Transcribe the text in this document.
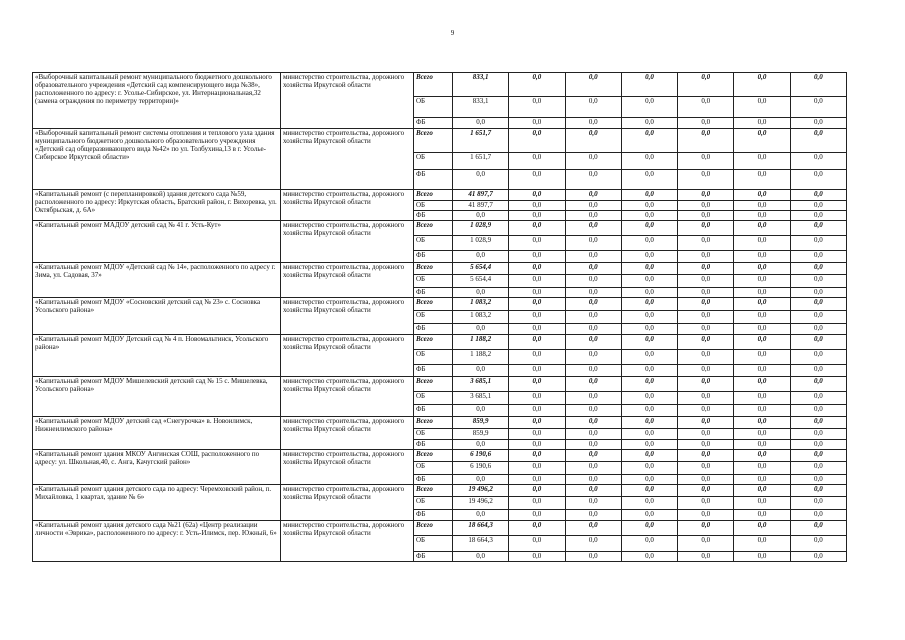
9
«Выборочный капитальный ремонт муниципального бюджетного дошкольного образовательного учреждения «Детский сад компенсирующего вида №38», расположенного по адресу: г. Усолье-Сибирское, ул. Интернациональная,32 (замена ограждения по периметру территории)»	министерство строительства, дорожного хозяйства Иркутской области	Всего	833,1	0,0	0,0	0,0	0,0	0,0	0,0
		ОБ	833,1	0,0	0,0	0,0	0,0	0,0	0,0
		ФБ	0,0	0,0	0,0	0,0	0,0	0,0	0,0
«Выборочный капитальный ремонт системы отопления и теплового узла здания муниципального бюджетного дошкольного образовательного учреждения «Детский сад общеразвивающего вида №42» по ул. Толбухина,13 в г. Усолье-Сибирское Иркутской области»	министерство строительства, дорожного хозяйства Иркутской области	Всего	1 651,7	0,0	0,0	0,0	0,0	0,0	0,0
		ОБ	1 651,7	0,0	0,0	0,0	0,0	0,0	0,0
		ФБ	0,0	0,0	0,0	0,0	0,0	0,0	0,0
«Капитальный ремонт (с перепланировкой) здания детского сада №59, расположенного по адресу: Иркутская область, Братский район, г. Вихоревка, ул. Октябрьская, д. 6А»	министерство строительства, дорожного хозяйства Иркутской области	Всего	41 897,7	0,0	0,0	0,0	0,0	0,0	0,0
		ОБ	41 897,7	0,0	0,0	0,0	0,0	0,0	0,0
		ФБ	0,0	0,0	0,0	0,0	0,0	0,0	0,0
«Капитальный ремонт МАДОУ детский сад № 41 г. Усть-Кут»	министерство строительства, дорожного хозяйства Иркутской области	Всего	1 028,9	0,0	0,0	0,0	0,0	0,0	0,0
		ОБ	1 028,9	0,0	0,0	0,0	0,0	0,0	0,0
		ФБ	0,0	0,0	0,0	0,0	0,0	0,0	0,0
«Капитальный ремонт МДОУ «Детский сад № 14», расположенного по адресу г. Зима, ул. Садовая, 37»	министерство строительства, дорожного хозяйства Иркутской области	Всего	5 654,4	0,0	0,0	0,0	0,0	0,0	0,0
		ОБ	5 654,4	0,0	0,0	0,0	0,0	0,0	0,0
		ФБ	0,0	0,0	0,0	0,0	0,0	0,0	0,0
«Капитальный ремонт МДОУ «Сосновский детский сад № 23» с. Сосновка Усольского района»	министерство строительства, дорожного хозяйства Иркутской области	Всего	1 083,2	0,0	0,0	0,0	0,0	0,0	0,0
		ОБ	1 083,2	0,0	0,0	0,0	0,0	0,0	0,0
		ФБ	0,0	0,0	0,0	0,0	0,0	0,0	0,0
«Капитальный ремонт МДОУ Детский сад № 4 п. Новомальтинск, Усольского района»	министерство строительства, дорожного хозяйства Иркутской области	Всего	1 188,2	0,0	0,0	0,0	0,0	0,0	0,0
		ОБ	1 188,2	0,0	0,0	0,0	0,0	0,0	0,0
		ФБ	0,0	0,0	0,0	0,0	0,0	0,0	0,0
«Капитальный ремонт МДОУ Мишелевский детский сад № 15 с. Мишелевка, Усольского района»	министерство строительства, дорожного хозяйства Иркутской области	Всего	3 685,1	0,0	0,0	0,0	0,0	0,0	0,0
		ОБ	3 685,1	0,0	0,0	0,0	0,0	0,0	0,0
		ФБ	0,0	0,0	0,0	0,0	0,0	0,0	0,0
«Капитальный ремонт МДОУ детский сад «Снегурочка» в. Новоилимск, Нижнеилимского района»	министерство строительства, дорожного хозяйства Иркутской области	Всего	859,9	0,0	0,0	0,0	0,0	0,0	0,0
		ОБ	859,9	0,0	0,0	0,0	0,0	0,0	0,0
		ФБ	0,0	0,0	0,0	0,0	0,0	0,0	0,0
«Капитальный ремонт здания МКОУ Ангинская СОШ, расположенного по адресу: ул. Школьная,40, с. Анга, Качугский район»	министерство строительства, дорожного хозяйства Иркутской области	Всего	6 190,6	0,0	0,0	0,0	0,0	0,0	0,0
		ОБ	6 190,6	0,0	0,0	0,0	0,0	0,0	0,0
		ФБ	0,0	0,0	0,0	0,0	0,0	0,0	0,0
«Капитальный ремонт здания детского сада по адресу: Черемховский район, п. Михайловка, 1 квартал, здание № 6»	министерство строительства, дорожного хозяйства Иркутской области	Всего	19 496,2	0,0	0,0	0,0	0,0	0,0	0,0
		ОБ	19 496,2	0,0	0,0	0,0	0,0	0,0	0,0
		ФБ	0,0	0,0	0,0	0,0	0,0	0,0	0,0
«Капитальный ремонт здания детского сада №21 (62а) «Центр реализации личности «Эврика», расположенного по адресу: г. Усть-Илимск, пер. Южный, 6»	министерство строительства, дорожного хозяйства Иркутской области	Всего	18 664,3	0,0	0,0	0,0	0,0	0,0	0,0
		ОБ	18 664,3	0,0	0,0	0,0	0,0	0,0	0,0
		ФБ	0,0	0,0	0,0	0,0	0,0	0,0	0,0
